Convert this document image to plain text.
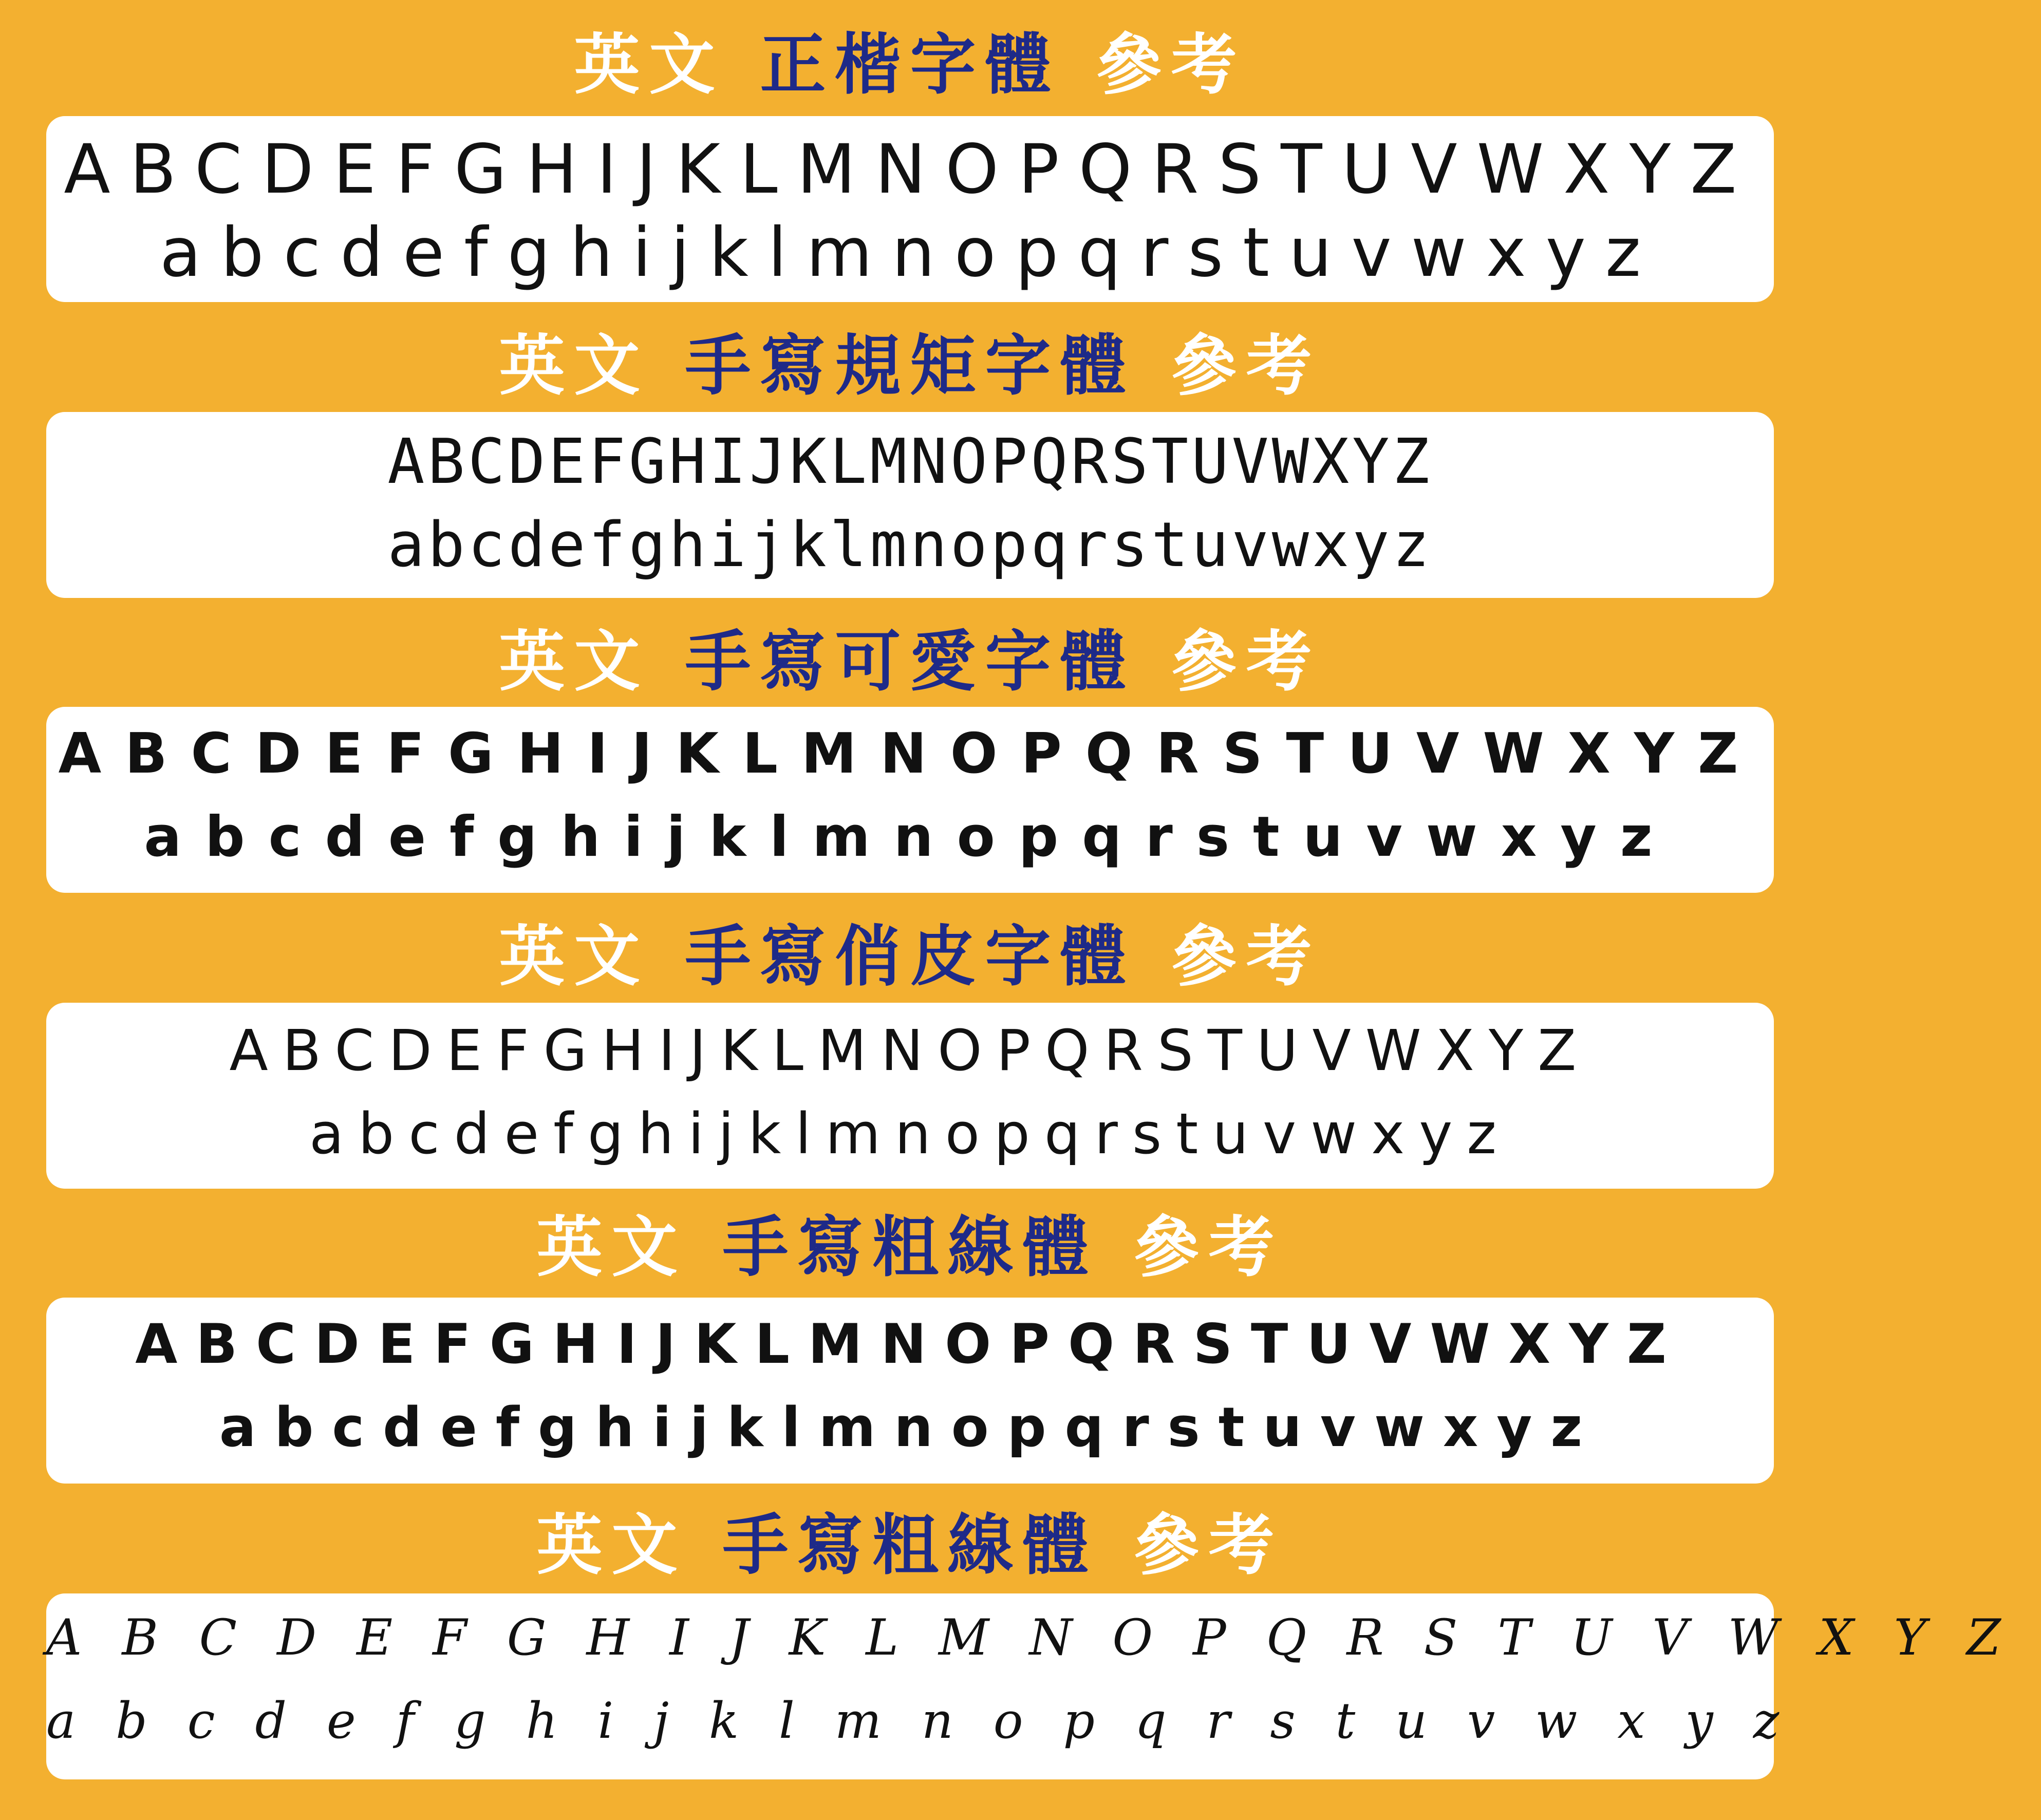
英文 正楷字體 參考
ABCDEFGHIJKLMNOPQRSTUVWXYZ
abcdefghijklmnopqrstuvwxyz
英文 手寫規矩字體 參考
ABCDEFGHIJKLMNOPQRSTUVWXYZ
abcdefghijklmnopqrstuvwxyz
英文 手寫可愛字體 參考
ABCDEFGHIJKLMNOPQRSTUVWXYZ
abcdefghijklmnopqrstuvwxyz
英文 手寫俏皮字體 參考
ABCDEFGHIJKLMNOPQRSTUVWXYZ
abcdefghijklmnopqrstuvwxyz
英文 手寫粗線體 參考
ABCDEFGHIJKLMNOPQRSTUVWXYZ
abcdefghijklmnopqrstuvwxyz
英文 手寫粗線體 參考
ABCDEFGHIJKLMNOPQRSTUVWXYZ
abcdefghijklmnopqrstuvwxyz
